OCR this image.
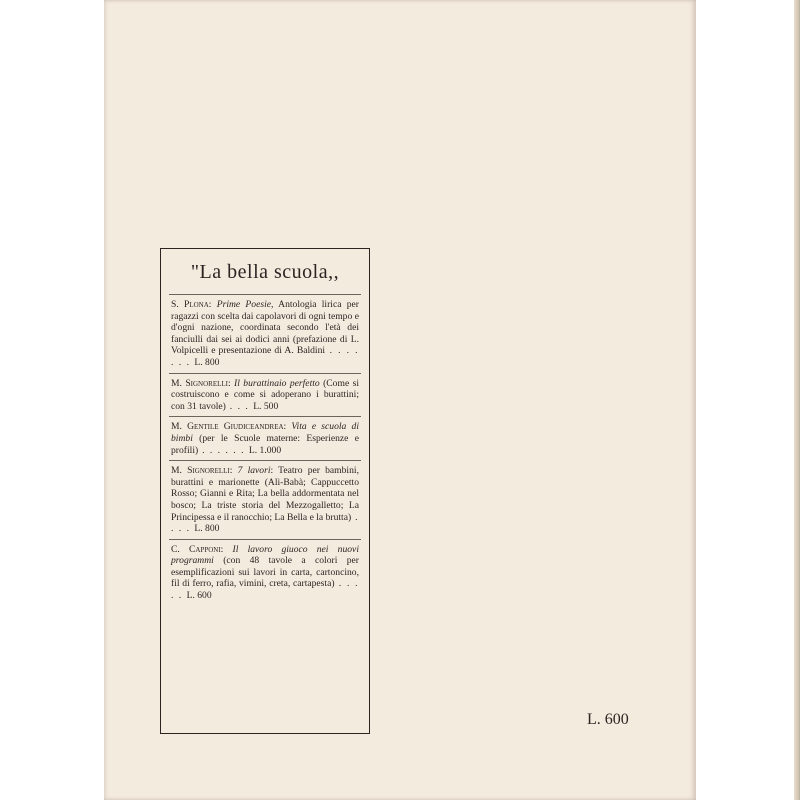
"La bella scuola,,
S. Plona: Prime Poesie, Antologia lirica per ragazzi con scelta dai capolavori di ogni tempo e d'ogni nazione, coordinata secondo l'età dei fanciulli dai sei ai dodici anni (prefazione di L. Volpicelli e presentazione di A. Baldini . . . . . . . L. 800
M. Signorelli: Il burattinaio perfetto (Come si costruiscono e come si adoperano i burattini; con 31 tavole) . . . L. 500
M. Gentile Giudiceandrea: Vita e scuola di bimbi (per le Scuole materne: Esperienze e profili) . . . . . . L. 1.000
M. Signorelli: 7 lavori: Teatro per bambini, burattini e marionette (Alì-Babà; Cappuccetto Rosso; Gianni e Rita; La bella addormentata nel bosco; La triste storia del Mezzogalletto; La Principessa e il ranocchio; La Bella e la brutta) . . . . L. 800
C. Capponi: Il lavoro giuoco nei nuovi programmi (con 48 tavole a colori per esemplificazioni sui lavori in carta, cartoncino, fil di ferro, rafia, vimini, creta, cartapesta) . . . . . L. 600
L. 600
